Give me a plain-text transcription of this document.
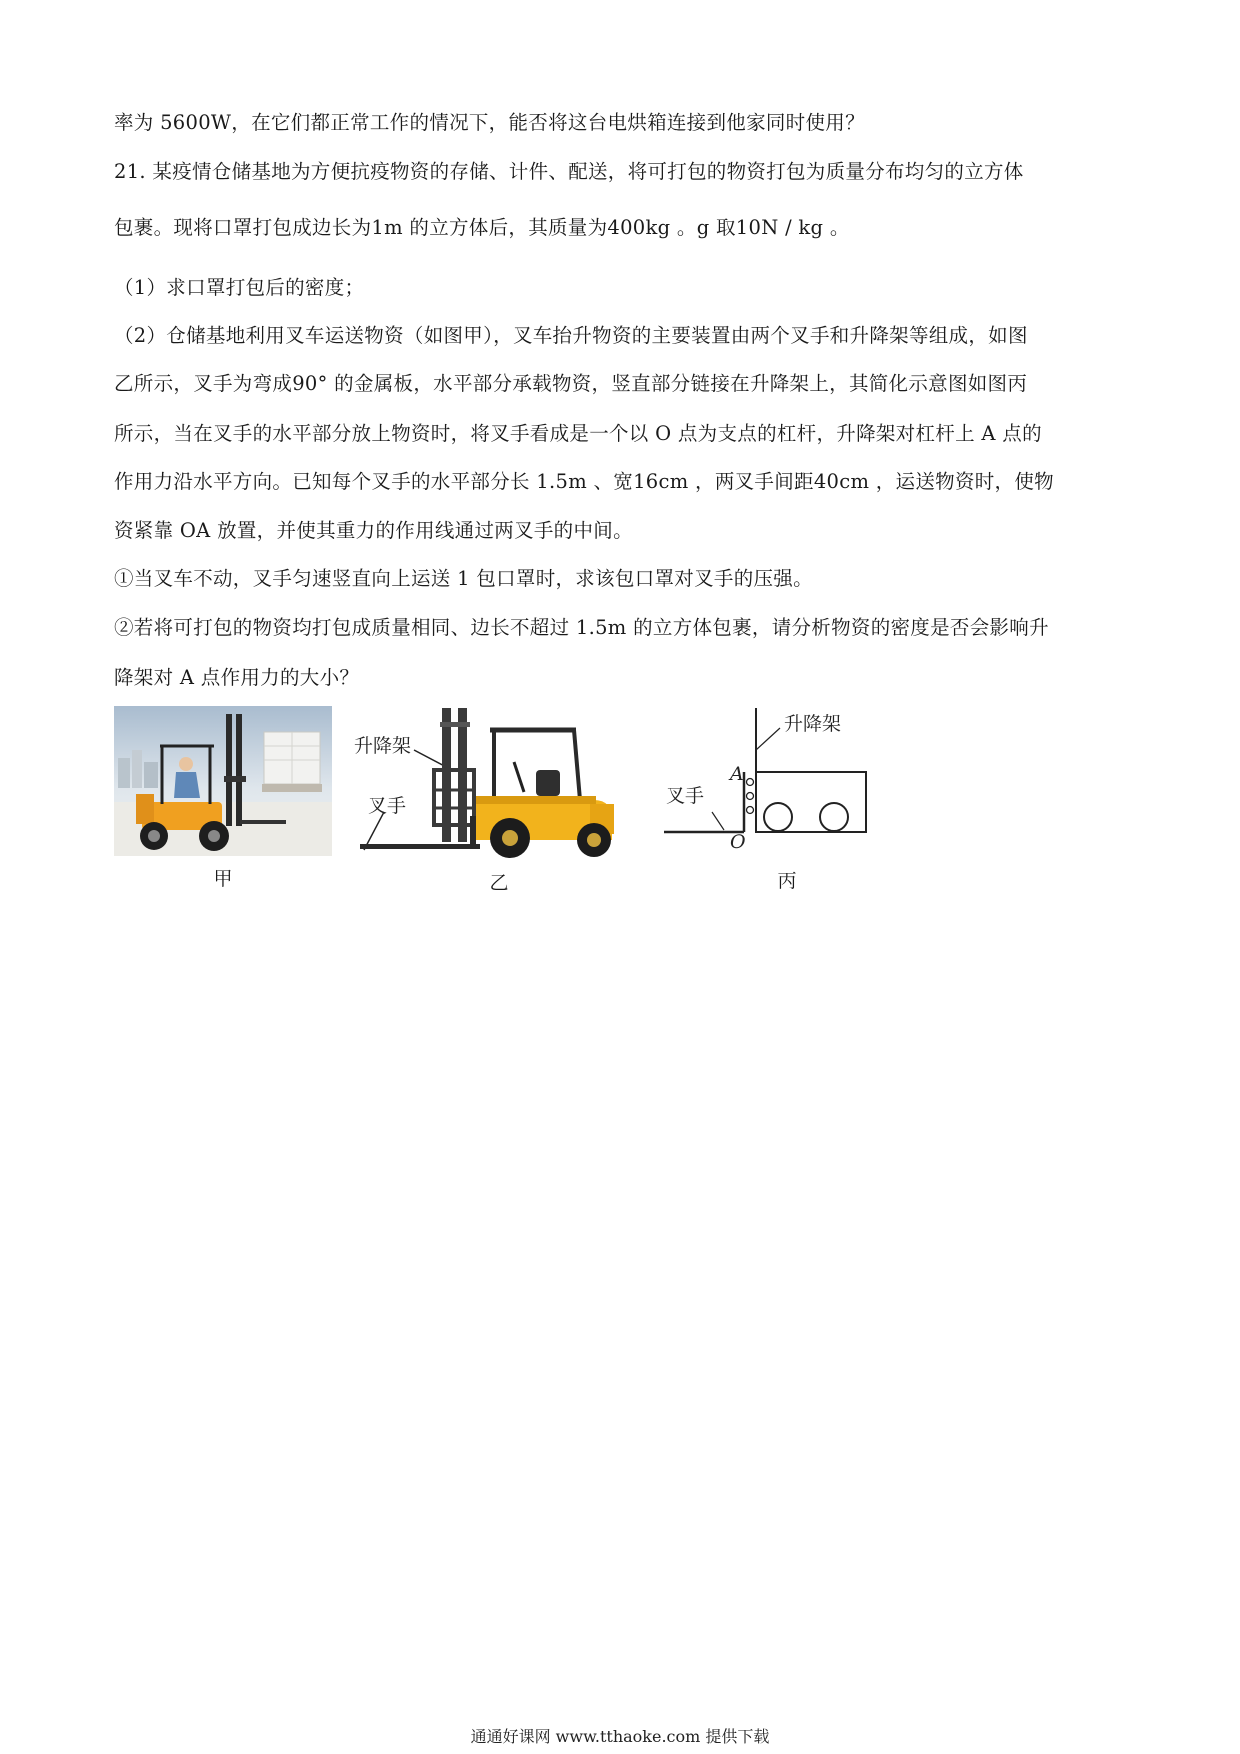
率为 5600W，在它们都正常工作的情况下，能否将这台电烘箱连接到他家同时使用？
21. 某疫情仓储基地为方便抗疫物资的存储、计件、配送，将可打包的物资打包为质量分布均匀的立方体
包裹。现将口罩打包成边长为1m 的立方体后，其质量为400kg 。g 取10N / kg 。
（1）求口罩打包后的密度；
（2）仓储基地利用叉车运送物资（如图甲），叉车抬升物资的主要装置由两个叉手和升降架等组成，如图
乙所示，叉手为弯成90° 的金属板，水平部分承载物资，竖直部分链接在升降架上，其简化示意图如图丙
所示，当在叉手的水平部分放上物资时，将叉手看成是一个以 O 点为支点的杠杆，升降架对杠杆上 A 点的
作用力沿水平方向。已知每个叉手的水平部分长 1.5m 、宽16cm ，两叉手间距40cm ，运送物资时，使物
资紧靠 OA 放置，并使其重力的作用线通过两叉手的中间。
①当叉车不动，叉手匀速竖直向上运送 1 包口罩时，求该包口罩对叉手的压强。
②若将可打包的物资均打包成质量相同、边长不超过 1.5m 的立方体包裹，请分析物资的密度是否会影响升
降架对 A 点作用力的大小？
甲
升降架
叉手
乙
升降架
叉手
A
O
丙
通通好课网 www.tthaoke.com 提供下载
